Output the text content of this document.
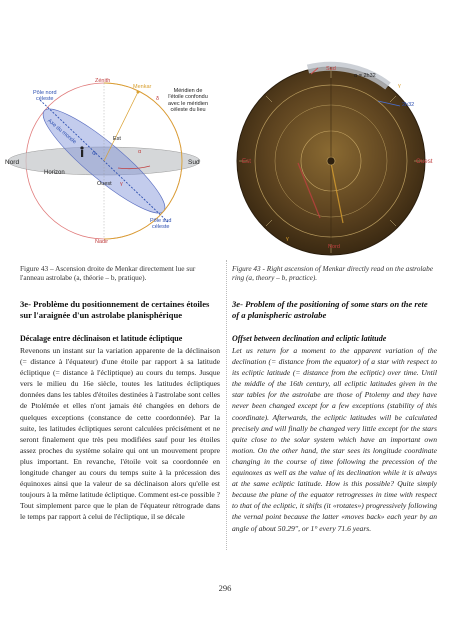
Pôle nord
céleste
Zénith
Menkar
δ
Méridien de
l'étoile confondu
avec le méridien
céleste du lieu
Axe du monde	Est
Φ	α
Nord	Sud
Horizon
Ouest γ
Pôle sud
céleste
Nadir
Sud
α = 2h32
γ
2h32
Est	Ouest
γ
Nord
Figure 43 – Ascension droite de Menkar directement lue sur l'anneau astrolabe (a, théorie – b, pratique).
Figure 43 - Right ascension of Menkar directly read on the astrolabe ring (a, theory – b, practice).
3e- Problème du positionnement de certaines étoiles sur l'araignée d'un astrolabe planisphérique
3e- Problem of the positioning of some stars on the rete of a planispheric astrolabe
Décalage entre déclinaison et latitude écliptique	Offset between declination and ecliptic latitude
Revenons un instant sur la variation apparente de la déclinaison (= distance à l'équateur) d'une étoile par rapport à sa latitude écliptique (= distance à l'écliptique) au cours du temps. Jusque vers le milieu du 16e siècle, toutes les latitudes écliptiques données dans les tables d'étoiles destinées à l'astrolabe sont celles de Ptolémée et elles n'ont jamais été changées en dehors de quelques exceptions (constance de cette coordonnée). Par la suite, les latitudes écliptiques seront calculées précisément et ne seront finalement que très peu modifiées sauf pour les étoiles assez proches du système solaire qui ont un mouvement propre plus important. En revanche, l'étoile voit sa coordonnée en longitude changer au cours du temps suite à la précession des équinoxes ainsi que la valeur de sa déclinaison alors qu'elle est toujours à la même latitude écliptique. Comment est-ce possible ? Tout simplement parce que le plan de l'équateur rétrograde dans le temps par rapport à celui de l'écliptique, il se décale
Let us return for a moment to the apparent variation of the declination (= distance from the equator) of a star with respect to its ecliptic latitude (= distance from the ecliptic) over time. Until the middle of the 16th century, all ecliptic latitudes given in the star tables for the astrolabe are those of Ptolemy and they have never been changed except for a few exceptions (stability of this coordinate). Afterwards, the ecliptic latitudes will be calculated precisely and will finally be changed very little except for the stars quite close to the solar system which have an important own motion. On the other hand, the star sees its longitude coordinate changing in the course of time following the precession of the equinoxes as well as the value of its declination while it is always at the same ecliptic latitude. How is this possible? Quite simply because the plane of the equator retrogresses in time with respect to that of the ecliptic, it shifts (it «rotates») progressively following the vernal point because the latter «moves back» each year by an angle of about 50.29'', or 1° every 71.6 years.
296
